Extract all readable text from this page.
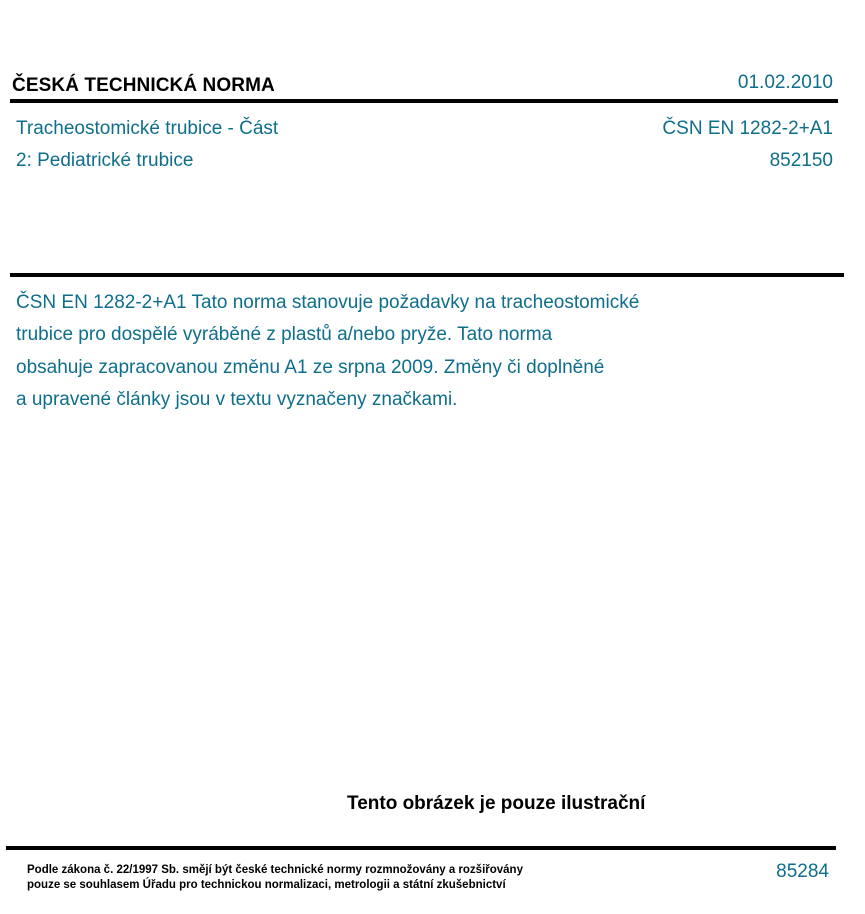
ČESKÁ TECHNICKÁ NORMA	01.02.2010
Tracheostomické trubice - Část
2: Pediatrické trubice
ČSN EN 1282-2+A1
852150
ČSN EN 1282-2+A1 Tato norma stanovuje požadavky na tracheostomické
trubice pro dospělé vyráběné z plastů a/nebo pryže. Tato norma
obsahuje zapracovanou změnu A1 ze srpna 2009. Změny či doplněné
a upravené články jsou v textu vyznačeny značkami.
Tento obrázek je pouze ilustrační
Podle zákona č. 22/1997 Sb. smějí být české technické normy rozmnožovány a rozšiřovány
pouze se souhlasem Úřadu pro technickou normalizaci, metrologii a státní zkušebnictví
85284
